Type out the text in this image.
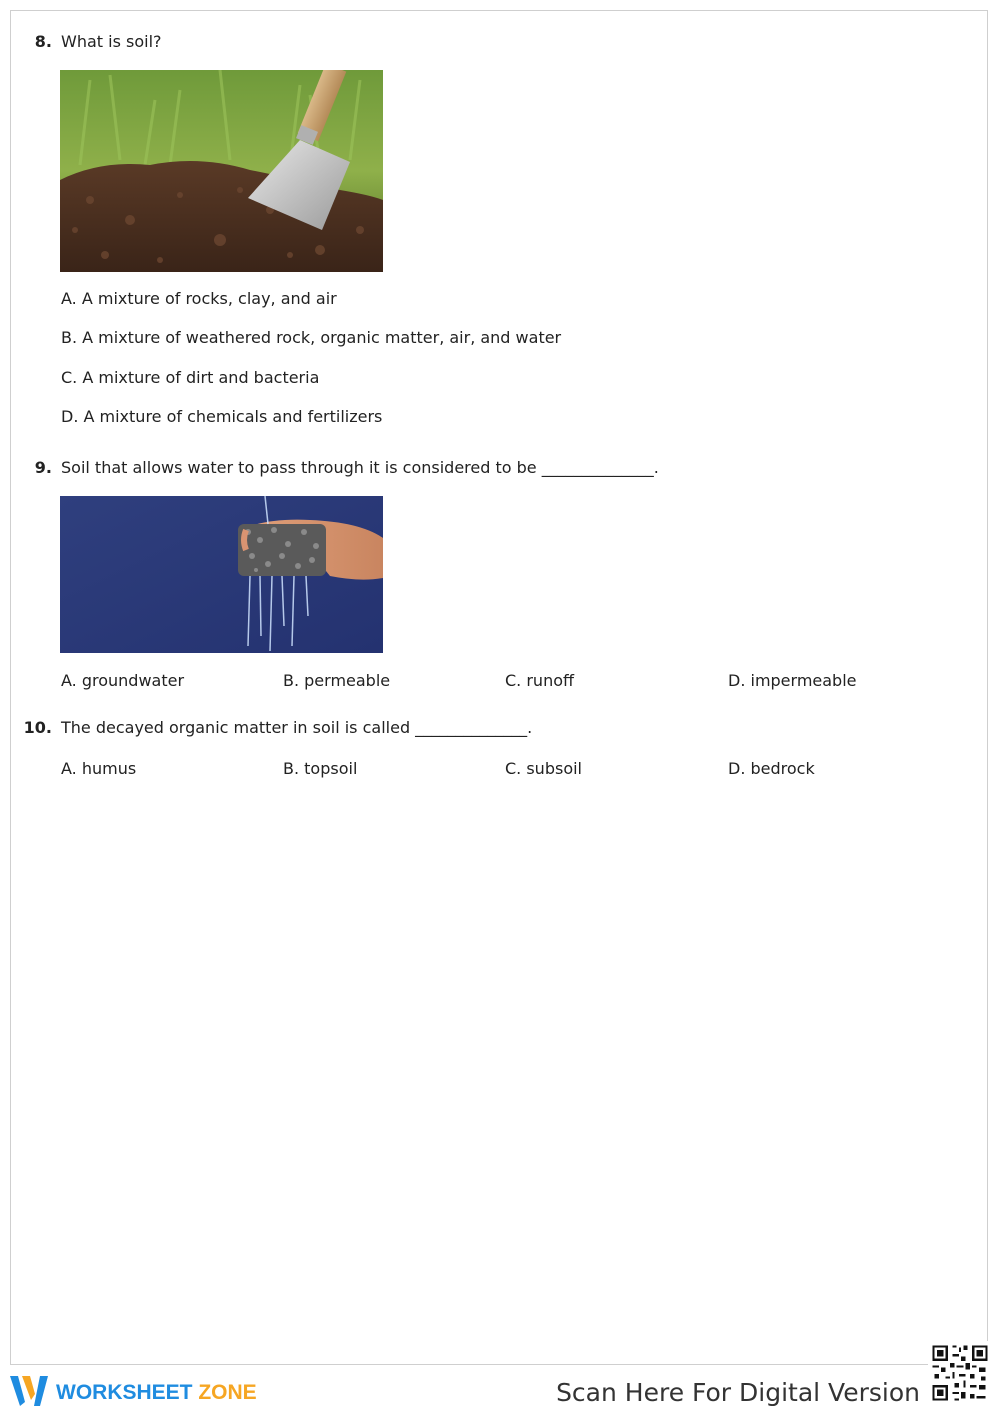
8. What is soil?
A. A mixture of rocks, clay, and air
B. A mixture of weathered rock, organic matter, air, and water
C. A mixture of dirt and bacteria
D. A mixture of chemicals and fertilizers
9. Soil that allows water to pass through it is considered to be ______________.
A. groundwater	B. permeable	C. runoff	D. impermeable
10. The decayed organic matter in soil is called ______________.
A. humus	B. topsoil	C. subsoil	D. bedrock
WORKSHEET ZONE	Scan Here For Digital Version
